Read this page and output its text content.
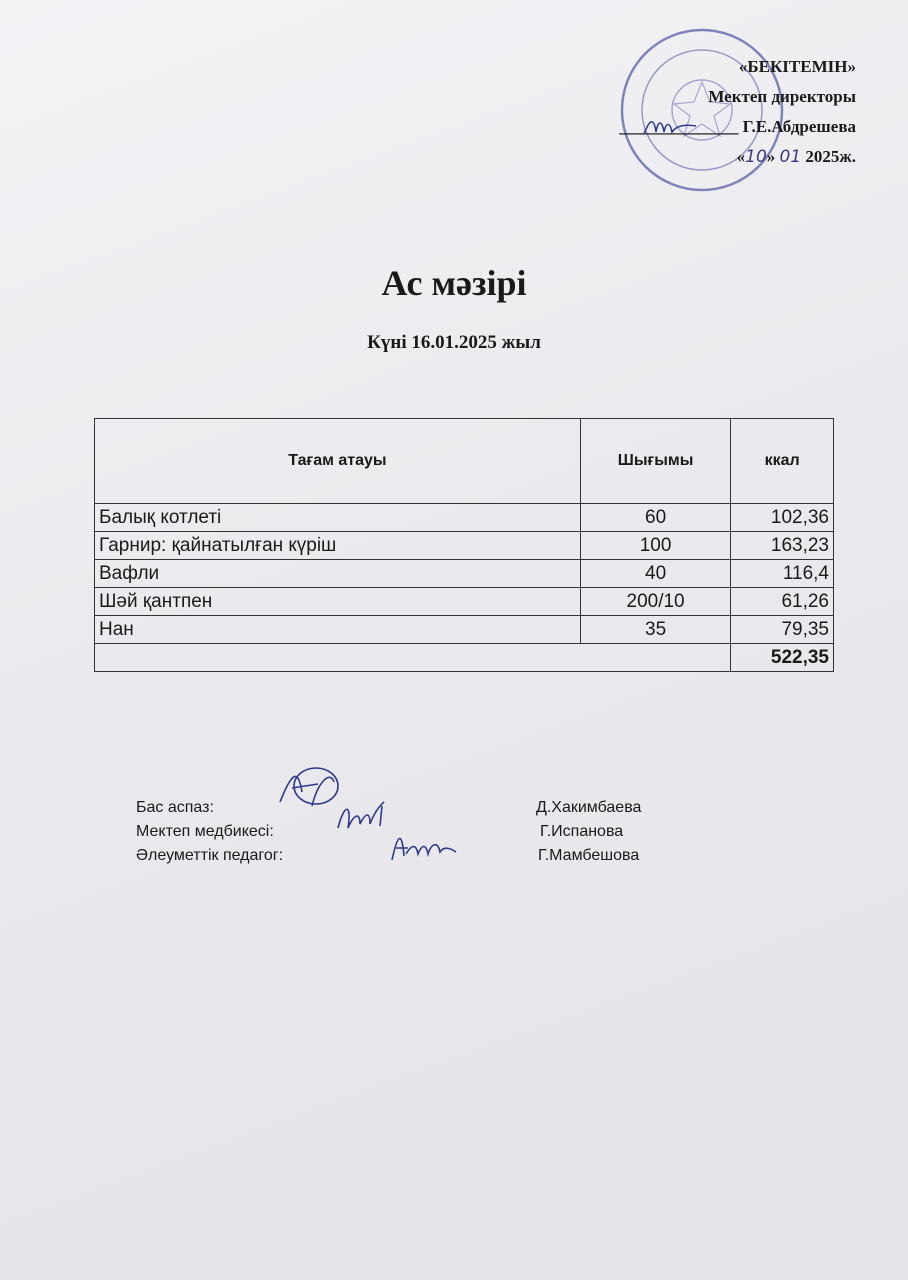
«БЕКІТЕМІН»
Мектеп директоры
______________ Г.Е.Абдрешева
«10» 01 2025ж.
Ас мәзірі
Күні 16.01.2025 жыл
Тағам атауы	Шығымы	ккал
Балық котлеті	60	102,36
Гарнир: қайнатылған күріш	100	163,23
Вафли	40	116,4
Шәй қантпен	200/10	61,26
Нан	35	79,35
		522,35
Бас аспаз:	Д.Хакимбаева
Мектеп медбикесі:	Г.Испанова
Әлеуметтік педагог:	Г.Мамбешова
